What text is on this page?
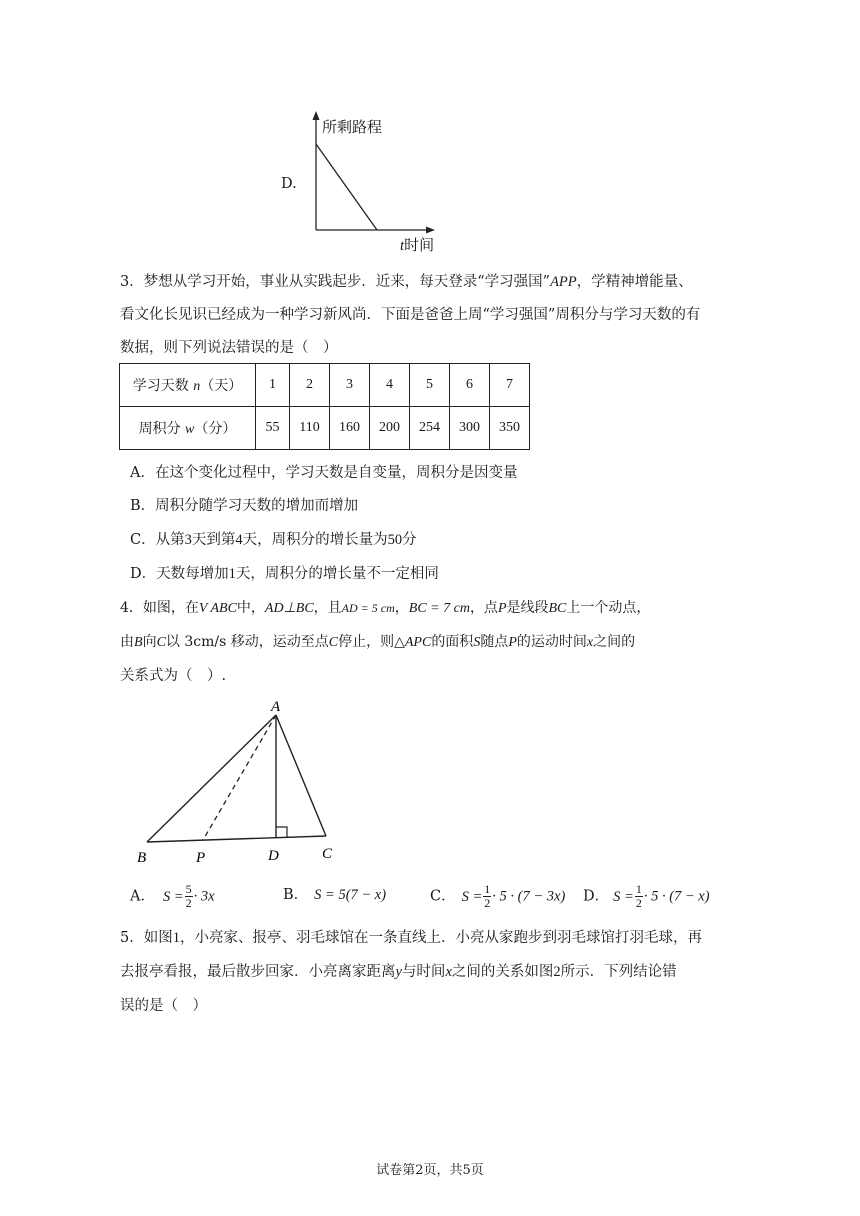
D.
所剩路程
t时间
3．梦想从学习开始，事业从实践起步．近来，每天登录“学习强国”APP，学精神增能量、
看文化长见识已经成为一种学习新风尚．下面是爸爸上周“学习强国”周积分与学习天数的有
数据，则下列说法错误的是（　）
学习天数 n（天）	1	2	3	4	5	6	7
周积分 w（分）	55	110	160	200	254	300	350
A．在这个变化过程中，学习天数是自变量，周积分是因变量
B．周积分随学习天数的增加而增加
C．从第3天到第4天，周积分的增长量为50分
D．天数每增加1天，周积分的增长量不一定相同
4．如图，在V ABC中，AD⊥BC，且AD = 5 cm，BC = 7 cm，点P是线段BC上一个动点，
由B向C以 3cm/s 移动，运动至点C停止，则△APC的面积S随点P的运动时间x之间的
关系式为（　）.
A
B	P	D	C
A． $S = \frac{5}{2} \cdot 3x$	B． S = 5(7 − x)	C． $S = \frac{1}{2} \cdot 5 \cdot (7 - 3x)$ D． $S = \frac{1}{2} \cdot 5 \cdot (7 - x)$
5．如图1，小亮家、报亭、羽毛球馆在一条直线上．小亮从家跑步到羽毛球馆打羽毛球，再
去报亭看报，最后散步回家．小亮离家距离y与时间x之间的关系如图2所示．下列结论错
误的是（　）
试卷第2页，共5页
